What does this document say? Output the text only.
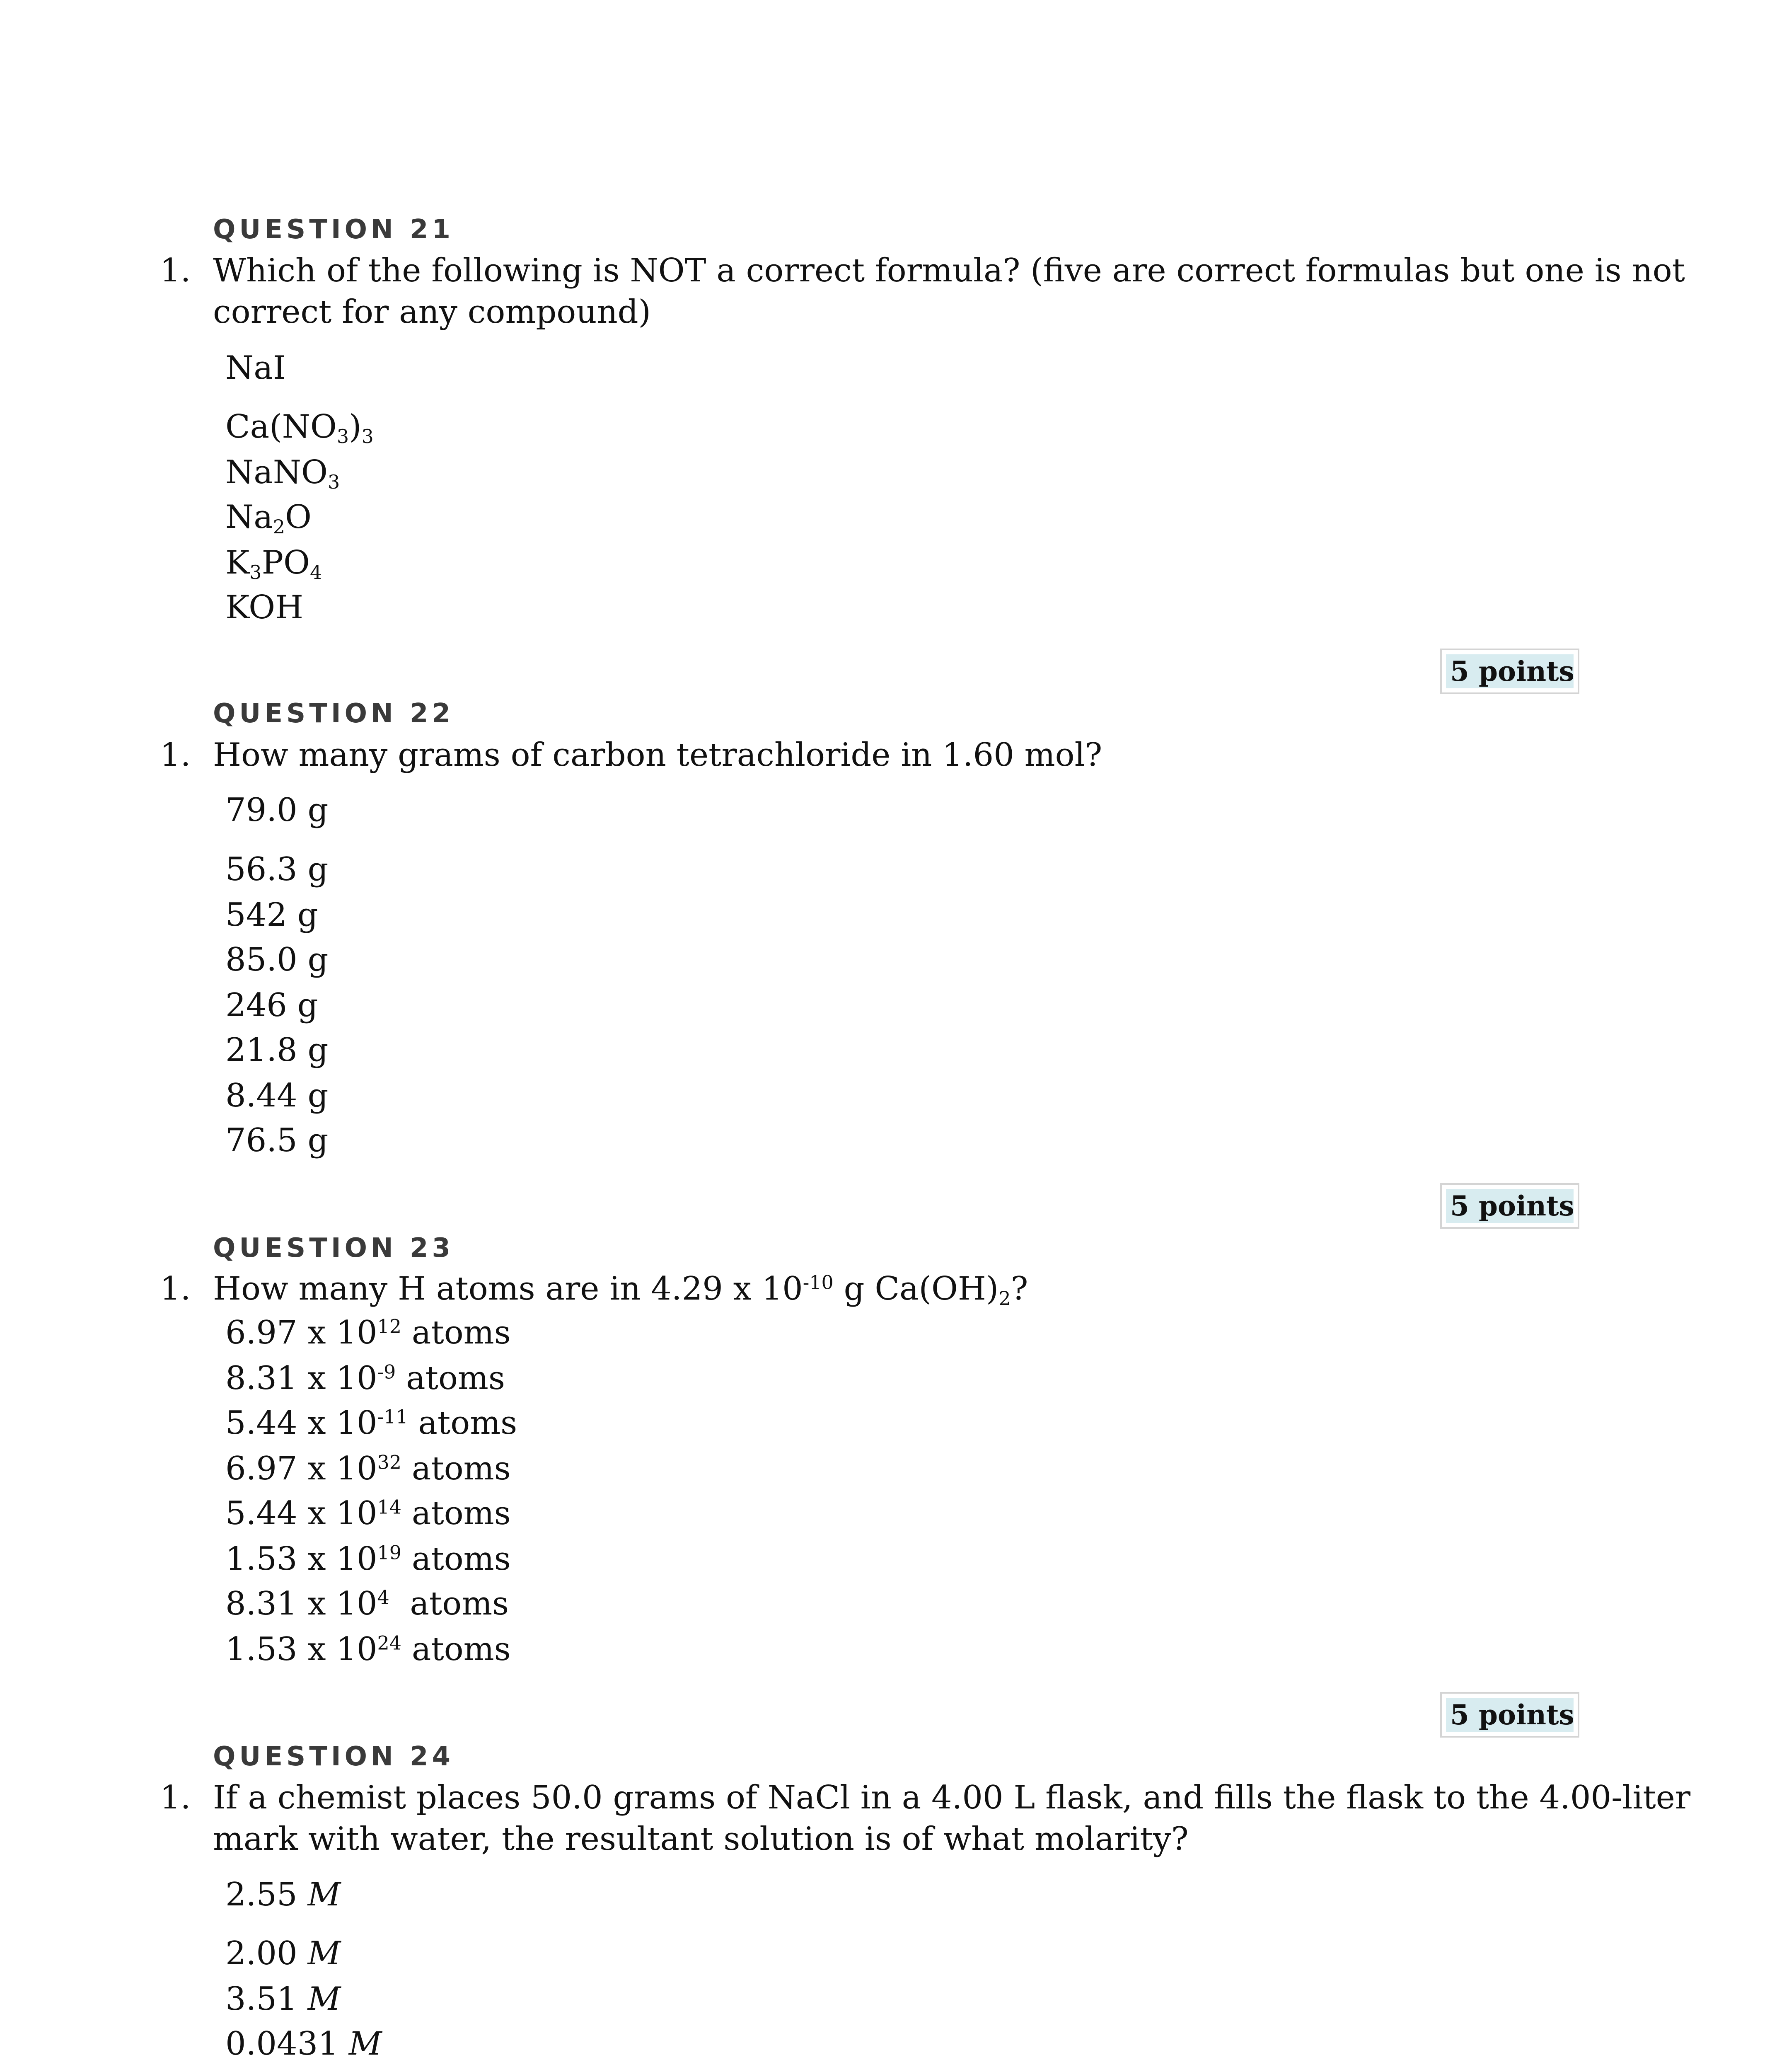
QUESTION 21
1. Which of the following is NOT a correct formula? (five are correct formulas but one is not

correct for any compound)

NaI
$Ca(NO_3)_3$
NaNO$_3$
$Na_2O$
$K_3PO_4$
KOH
5 points
QUESTION 22
1. How many grams of carbon tetrachloride in 1.60 mol?

79.0 g
56.3 g
542 g
85.0 g
246 g
21.8 g
8.44 g
76.5 g
5 points
QUESTION 23
1. How many H atoms are in 4.29 x $10^{-10}$ g $Ca(OH)_2$?

6.97 x $10^{12}$ atoms
8.31 x $10^{-9}$ atoms
5.44 x $10^{-11}$ atoms
6.97 x $10^{32}$ atoms
5.44 x $10^{14}$ atoms
1.53 x $10^{19}$ atoms
8.31 x $10^4$ atoms
1.53 x $10^{24}$ atoms
5 points
QUESTION 24
1. If a chemist places 50.0 grams of NaCl in a 4.00 L flask, and fills the flask to the 4.00-liter

mark with water, the resultant solution is of what molarity?

2.55 M
2.00 M
3.51 M
0.0431 M
